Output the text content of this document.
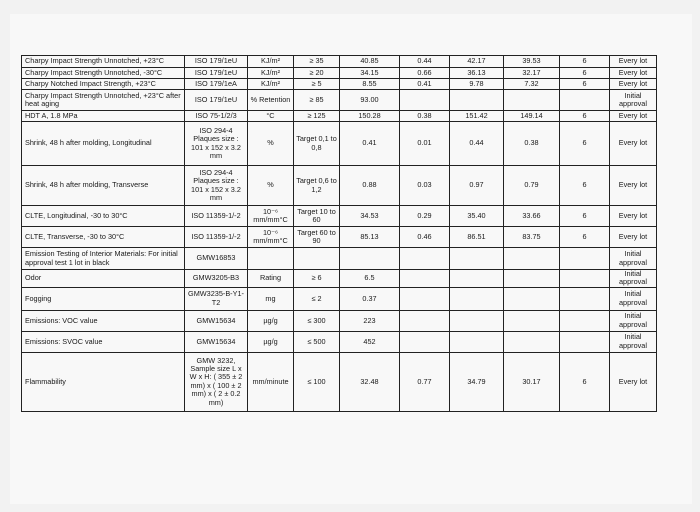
Charpy Impact Strength Unnotched, +23°C	ISO 179/1eU	KJ/m²	≥ 35	40.85	0.44	42.17	39.53	6	Every lot
Charpy Impact Strength Unnotched, -30°C	ISO 179/1eU	KJ/m²	≥ 20	34.15	0.66	36.13	32.17	6	Every lot
Charpy Notched Impact Strength, +23°C	ISO 179/1eA	KJ/m²	≥ 5	8.55	0.41	9.78	7.32	6	Every lot
Charpy Impact Strength Unnotched, +23°C after heat aging	ISO 179/1eU	% Retention	≥ 85	93.00					Initial approval
HDT A, 1.8 MPa	ISO 75-1/2/3	°C	≥ 125	150.28	0.38	151.42	149.14	6	Every lot
Shrink, 48 h after molding, Longitudinal	ISO 294-4 Plaques size : 101 x 152 x 3.2 mm	%	Target 0,1 to 0,8	0.41	0.01	0.44	0.38	6	Every lot
Shrink, 48 h after molding, Transverse	ISO 294-4 Plaques size : 101 x 152 x 3.2 mm	%	Target 0,6 to 1,2	0.88	0.03	0.97	0.79	6	Every lot
CLTE, Longitudinal, -30 to 30°C	ISO 11359-1/-2	10⁻⁶ mm/mm°C	Target 10 to 60	34.53	0.29	35.40	33.66	6	Every lot
CLTE, Transverse, -30 to 30°C	ISO 11359-1/-2	10⁻⁶ mm/mm°C	Target 60 to 90	85.13	0.46	86.51	83.75	6	Every lot
Emission Testing of Interior Materials: For initial approval test 1 lot in black	GMW16853								Initial approval
Odor	GMW3205-B3	Rating	≥ 6	6.5					Initial approval
Fogging	GMW3235-B-Y1-T2	mg	≤ 2	0.37					Initial approval
Emissions: VOC value	GMW15634	µg/g	≤ 300	223					Initial approval
Emissions: SVOC value	GMW15634	µg/g	≤ 500	452					Initial approval
Flammability	GMW 3232, Sample size L x W x H: ( 355 ± 2 mm) x ( 100 ± 2 mm) x ( 2 ± 0.2 mm)	mm/minute	≤ 100	32.48	0.77	34.79	30.17	6	Every lot
